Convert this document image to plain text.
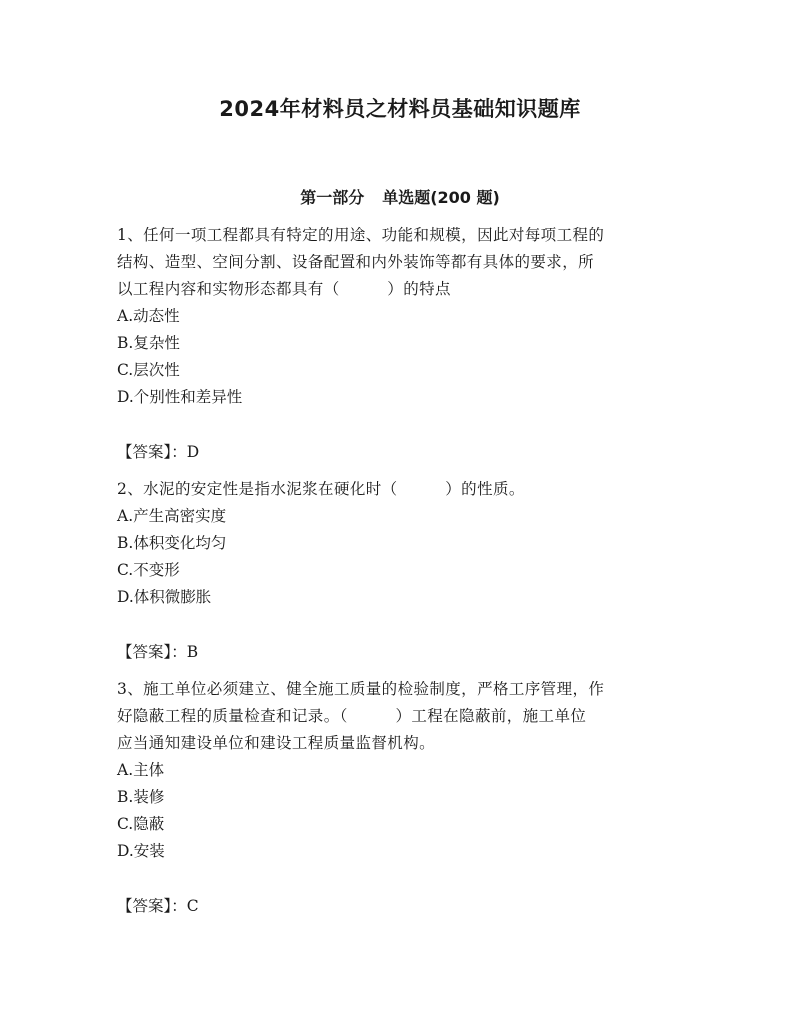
2024年材料员之材料员基础知识题库
第一部分 单选题(200 题)

1、任何一项工程都具有特定的用途、功能和规模，因此对每项工程的

结构、造型、空间分割、设备配置和内外装饰等都有具体的要求，所

以工程内容和实物形态都具有（　　　）的特点

A.动态性

B.复杂性

C.层次性

D.个别性和差异性

【答案】：D

2、水泥的安定性是指水泥浆在硬化时（　　　）的性质。

A.产生高密实度

B.体积变化均匀

C.不变形

D.体积微膨胀

【答案】：B

3、施工单位必须建立、健全施工质量的检验制度，严格工序管理，作

好隐蔽工程的质量检查和记录。（　　　）工程在隐蔽前，施工单位

应当通知建设单位和建设工程质量监督机构。

A.主体

B.装修

C.隐蔽

D.安装

【答案】：C
